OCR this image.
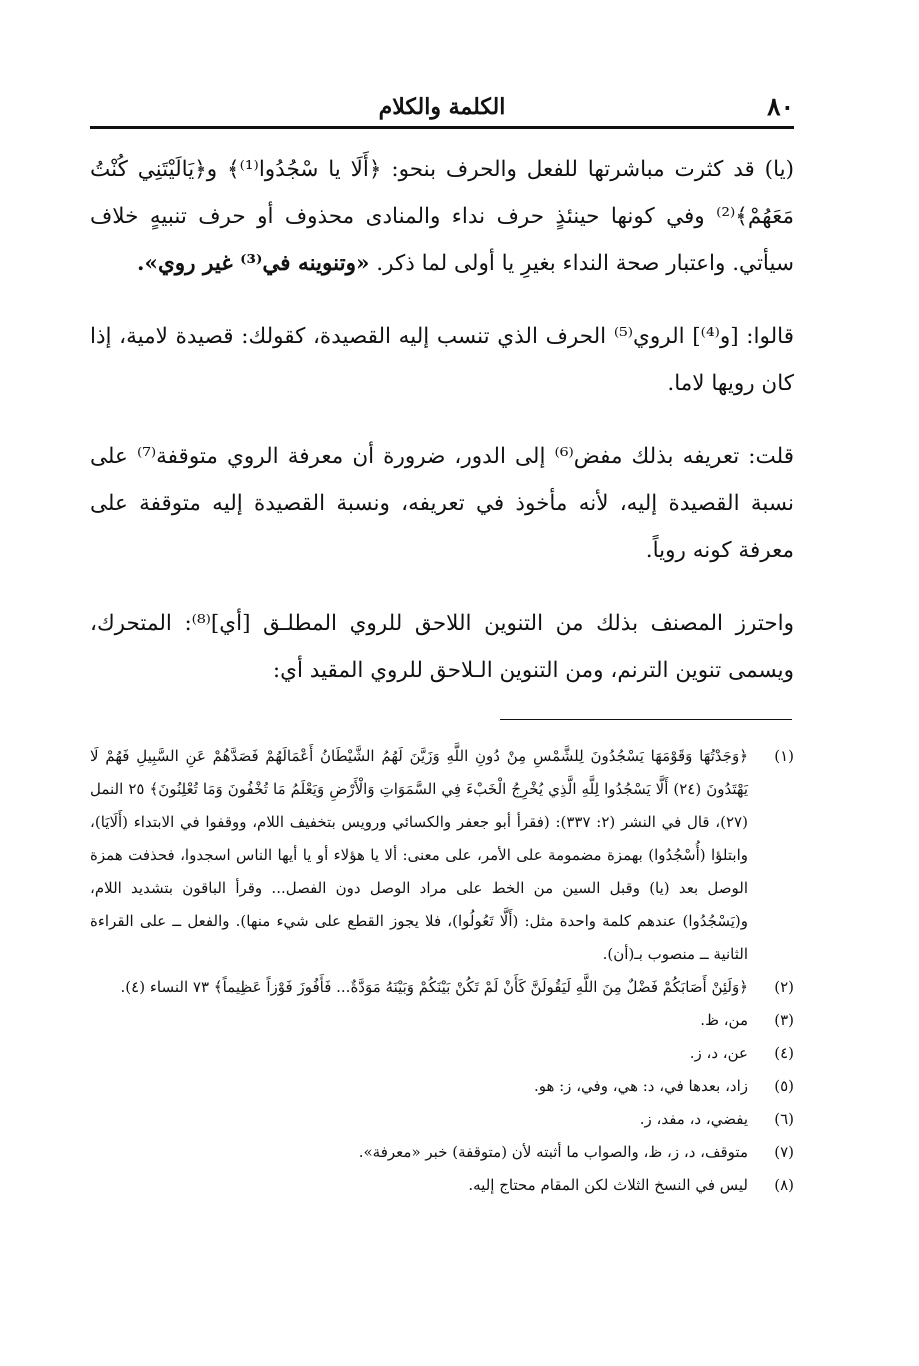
٨٠
الكلمة والكلام

(يا) قد كثرت مباشرتها للفعل والحرف بنحو: ﴿أَلَا يا سْجُدُوا⁽¹⁾﴾ و﴿يَالَيْتَنِي كُنْتُ مَعَهُمْ﴾⁽²⁾ وفي كونها حينئذٍ حرف نداء والمنادى محذوف أو حرف تنبيهٍ خلاف سيأتي. واعتبار صحة النداء بغيرِ يا أولى لما ذكر. «وتنوينه في⁽³⁾ غير روي».

قالوا: [و⁽⁴⁾] الروي⁽⁵⁾ الحرف الذي تنسب إليه القصيدة، كقولك: قصيدة لامية، إذا كان رويها لاما.

قلت: تعريفه بذلك مفض⁽⁶⁾ إلى الدور، ضرورة أن معرفة الروي متوقفة⁽⁷⁾ على نسبة القصيدة إليه، لأنه مأخوذ في تعريفه، ونسبة القصيدة إليه متوقفة على معرفة كونه روياً.

واحترز المصنف بذلك من التنوين اللاحق للروي المطلـق [أي]⁽⁸⁾: المتحرك، ويسمى تنوين الترنم، ومن التنوين الـلاحق للروي المقيد أي:

(١)
﴿وَجَدْتُهَا وَقَوْمَهَا يَسْجُدُونَ لِلشَّمْسِ مِنْ دُونِ اللَّهِ وَزَيَّنَ لَهُمُ الشَّيْطَانُ أَعْمَالَهُمْ فَصَدَّهُمْ عَنِ السَّبِيلِ فَهُمْ لَا يَهْتَدُونَ (٢٤) أَلَّا يَسْجُدُوا لِلَّهِ الَّذِي يُخْرِجُ الْخَبْءَ فِي السَّمَوَاتِ وَالْأَرْضِ وَيَعْلَمُ مَا تُخْفُونَ وَمَا تُعْلِنُونَ﴾ ٢٥ النمل (٢٧)، قال في النشر (٢: ٣٣٧): (فقرأ أبو جعفر والكسائي ورويس بتخفيف اللام، ووقفوا في الابتداء (أَلَايَا)، وابتلؤا (أُسْجُدُوا) بهمزة مضمومة على الأمر، على معنى: ألا يا هؤلاء أو يا أيها الناس اسجدوا، فحذفت همزة الوصل بعد (يا) وقبل السين من الخط على مراد الوصل دون الفصل... وقرأ الباقون بتشديد اللام، و(يَسْجُدُوا) عندهم كلمة واحدة مثل: (أَلَّا تَعُولُوا)، فلا يجوز القطع على شيء منها). والفعل ــ على القراءة الثانية ــ منصوب بـ(أن).
(٢)
﴿وَلَئِنْ أَصَابَكُمْ فَضْلٌ مِنَ اللَّهِ لَيَقُولَنَّ كَأَنْ لَمْ تَكُنْ بَيْنَكُمْ وَبَيْنَهُ مَوَدَّةٌ... فَأَفُوزَ فَوْزاً عَظِيماً﴾ ٧٣ النساء (٤).
(٣)
من، ظ.
(٤)
عن، د، ز.
(٥)
زاد، بعدها في، د: هي، وفي، ز: هو.
(٦)
يفضي، د، مفد، ز.
(٧)
متوقف، د، ز، ظ، والصواب ما أثبته لأن (متوقفة) خبر «معرفة».
(٨)
ليس في النسخ الثلاث لكن المقام محتاج إليه.
